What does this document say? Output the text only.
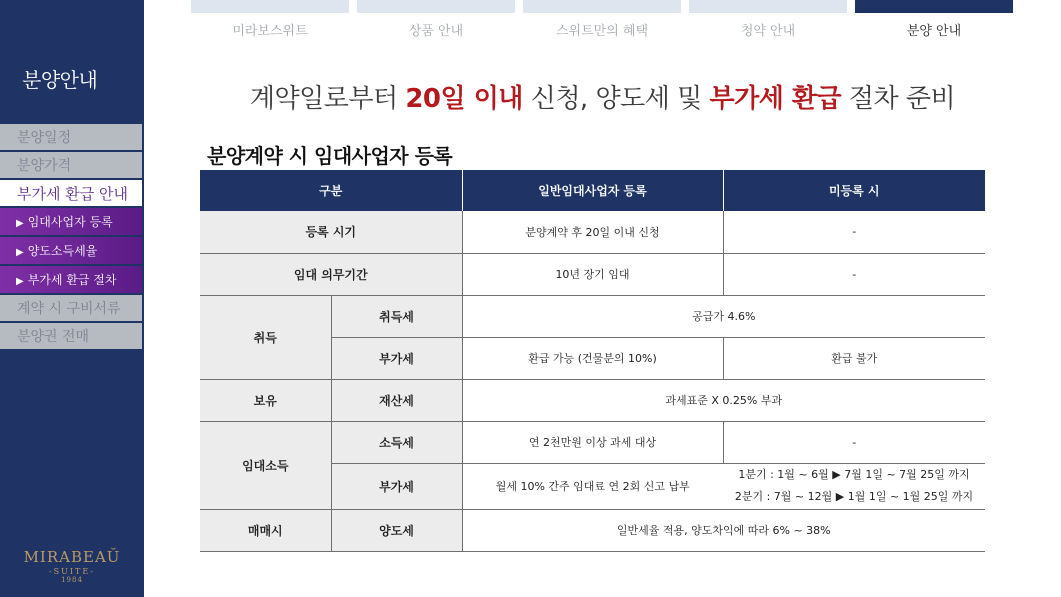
분양안내
분양일정
분양가격
부가세 환급 안내
▶ 임대사업자 등록
▶ 양도소득세율
▶ 부가세 환급 절차
계약 시 구비서류
분양권 전매
MIRABEAŬ
-SUITE-
1984
미라보스위트	상품 안내	스위트만의 혜택	청약 안내	분양 안내
계약일로부터 20일 이내 신청, 양도세 및 부가세 환급 절차 준비
분양계약 시 임대사업자 등록
구분		일반임대사업자 등록	미등록 시
등록 시기		분양계약 후 20일 이내 신청	-
임대 의무기간		10년 장기 임대	-
취득	취득세	공급가 4.6%	
	부가세	환급 가능 (건물분의 10%)	환급 불가
보유	재산세	과세표준 X 0.25% 부과	
임대소득	소득세	연 2천만원 이상 과세 대상	-
	부가세	월세 10% 간주 임대료 연 2회 신고 납부	1분기 : 1월 ~ 6월 ▶ 7월 1일 ~ 7월 25일 까지
2분기 : 7월 ~ 12월 ▶ 1월 1일 ~ 1월 25일 까지

매매시	양도세	일반세율 적용, 양도차익에 따라 6% ~ 38%	
